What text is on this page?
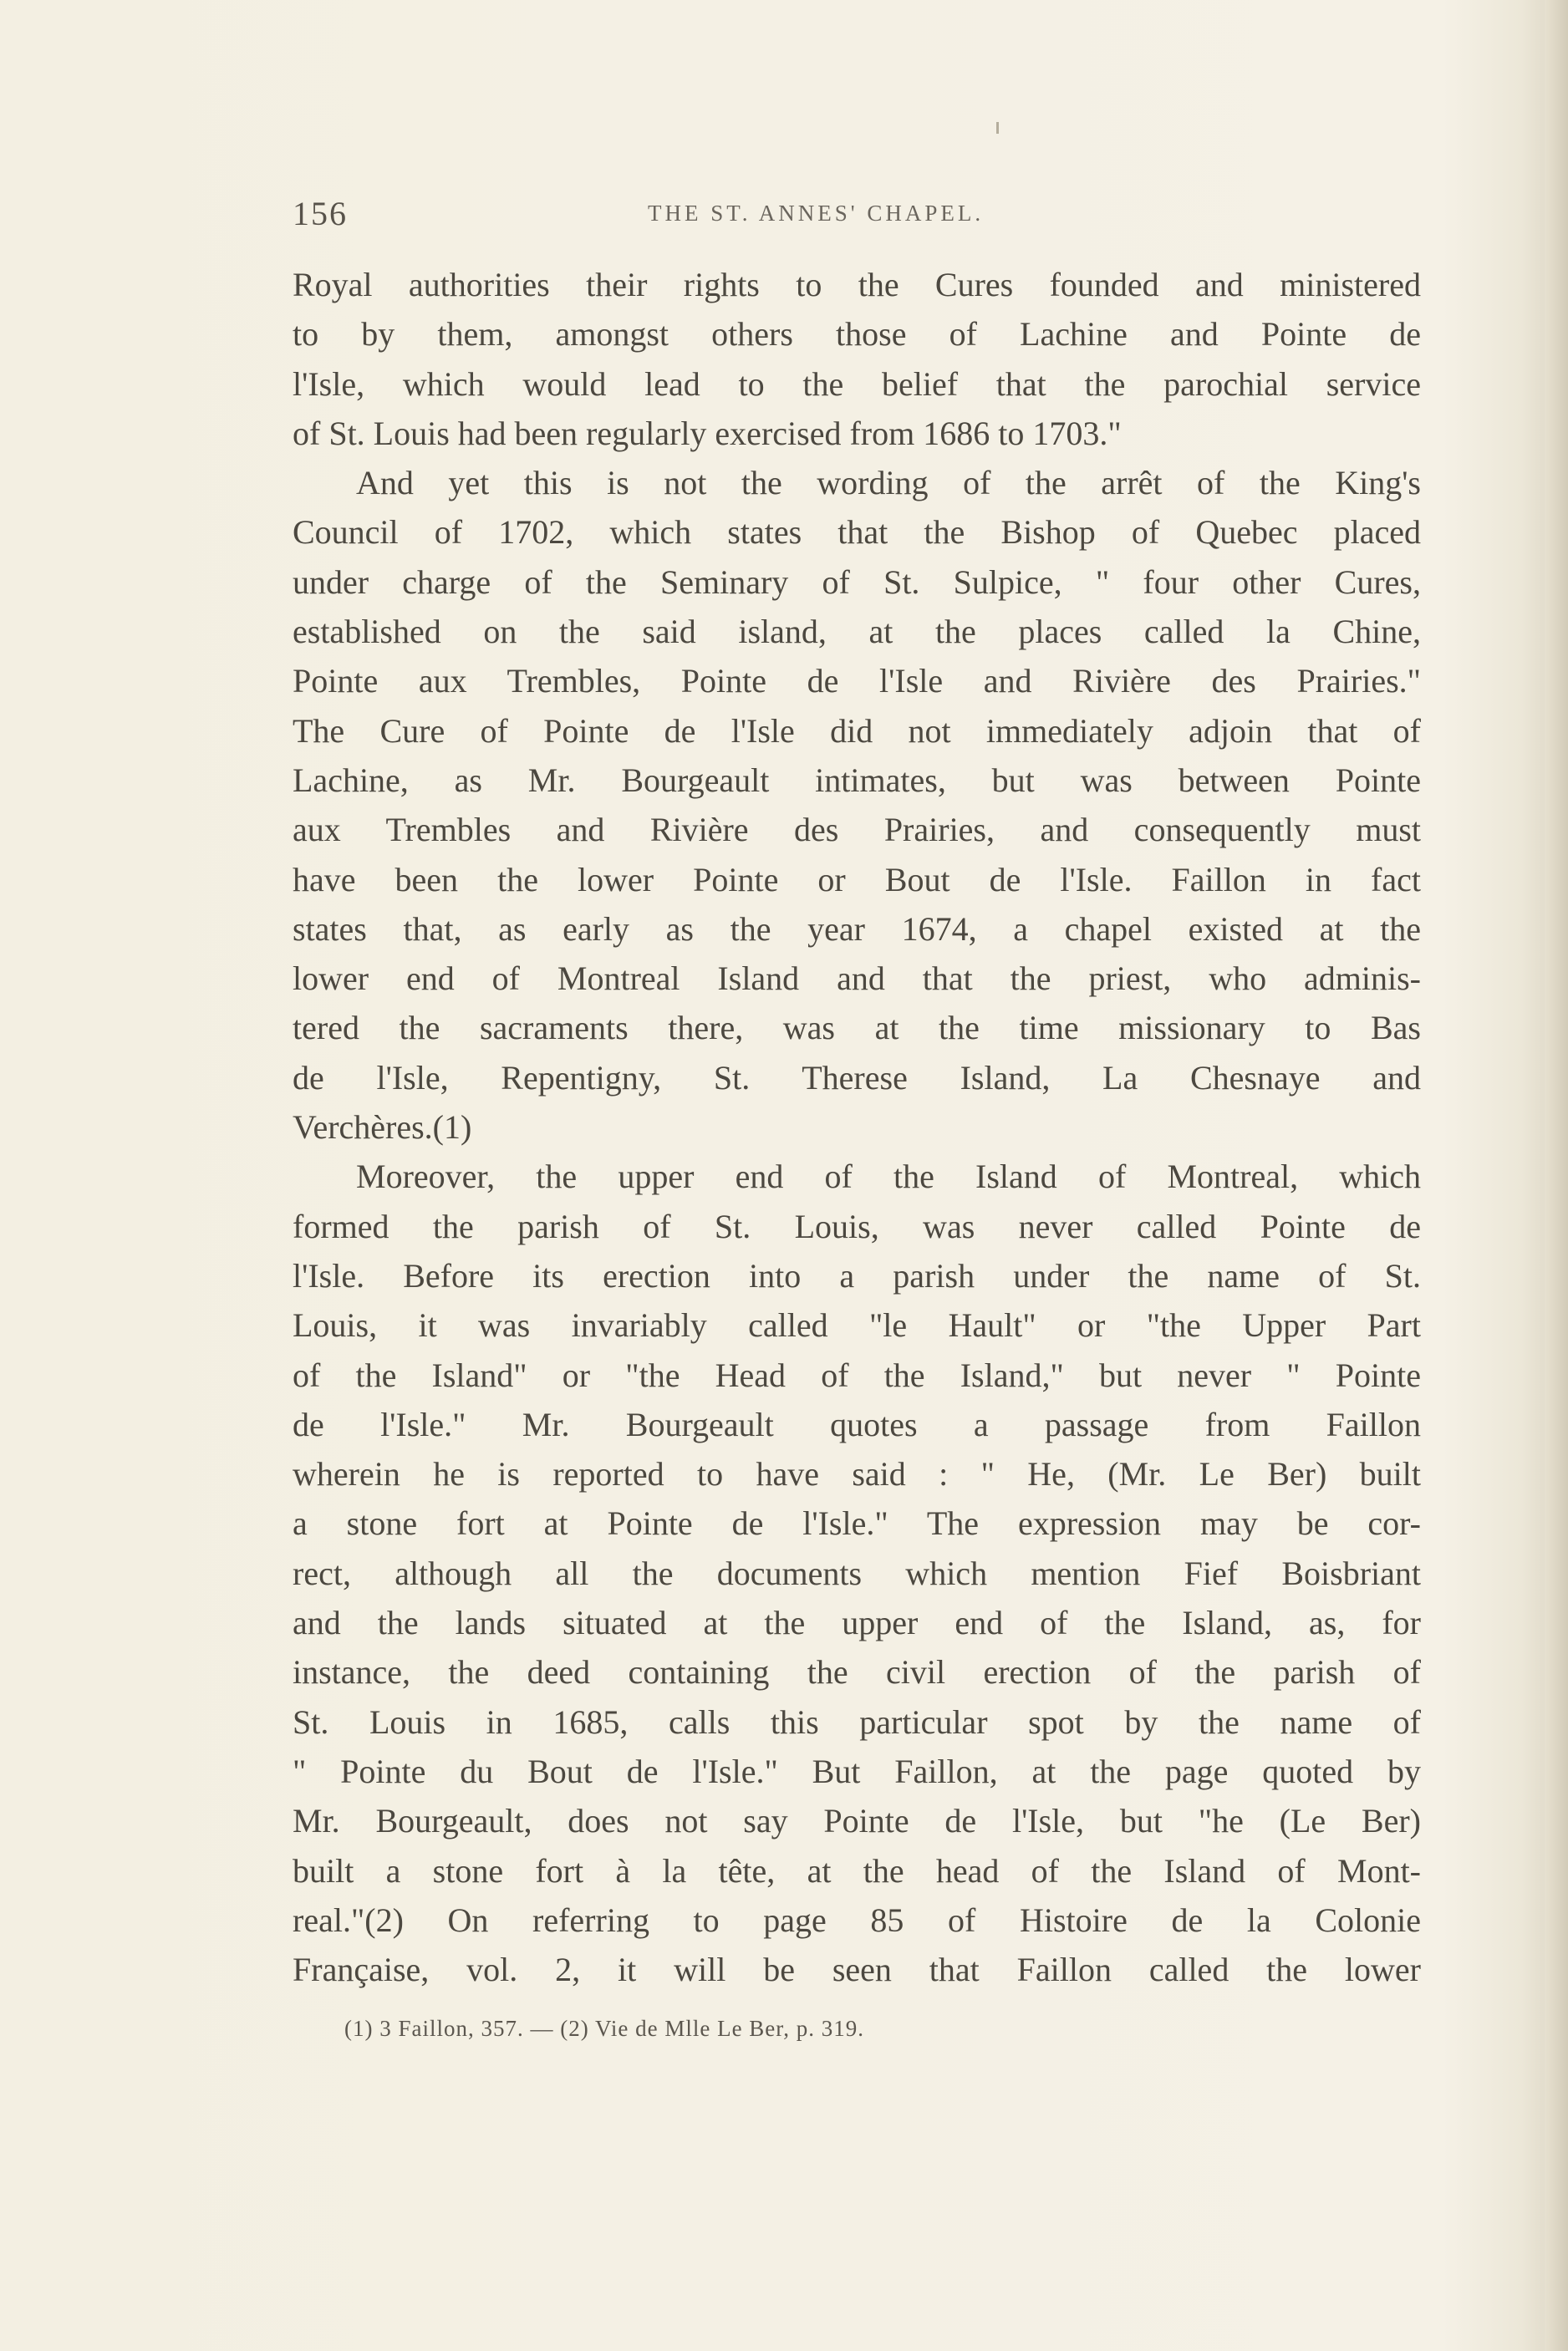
156	THE ST. ANNES' CHAPEL.
Royal authorities their rights to the Cures founded and ministered
to by them, amongst others those of Lachine and Pointe de
l'Isle, which would lead to the belief that the parochial service
of St. Louis had been regularly exercised from 1686 to 1703."
And yet this is not the wording of the arrêt of the King's
Council of 1702, which states that the Bishop of Quebec placed
under charge of the Seminary of St. Sulpice, " four other Cures,
established on the said island, at the places called la Chine,
Pointe aux Trembles, Pointe de l'Isle and Rivière des Prairies."
The Cure of Pointe de l'Isle did not immediately adjoin that of
Lachine, as Mr. Bourgeault intimates, but was between Pointe
aux Trembles and Rivière des Prairies, and consequently must
have been the lower Pointe or Bout de l'Isle. Faillon in fact
states that, as early as the year 1674, a chapel existed at the
lower end of Montreal Island and that the priest, who adminis-
tered the sacraments there, was at the time missionary to Bas
de l'Isle, Repentigny, St. Therese Island, La Chesnaye and
Verchères.(1)
Moreover, the upper end of the Island of Montreal, which
formed the parish of St. Louis, was never called Pointe de
l'Isle. Before its erection into a parish under the name of St.
Louis, it was invariably called "le Hault" or "the Upper Part
of the Island" or "the Head of the Island," but never " Pointe
de l'Isle." Mr. Bourgeault quotes a passage from Faillon
wherein he is reported to have said : " He, (Mr. Le Ber) built
a stone fort at Pointe de l'Isle." The expression may be cor-
rect, although all the documents which mention Fief Boisbriant
and the lands situated at the upper end of the Island, as, for
instance, the deed containing the civil erection of the parish of
St. Louis in 1685, calls this particular spot by the name of
" Pointe du Bout de l'Isle." But Faillon, at the page quoted by
Mr. Bourgeault, does not say Pointe de l'Isle, but "he (Le Ber)
built a stone fort à la tête, at the head of the Island of Mont-
real."(2) On referring to page 85 of Histoire de la Colonie
Française, vol. 2, it will be seen that Faillon called the lower
(1) 3 Faillon, 357. — (2) Vie de Mlle Le Ber, p. 319.
